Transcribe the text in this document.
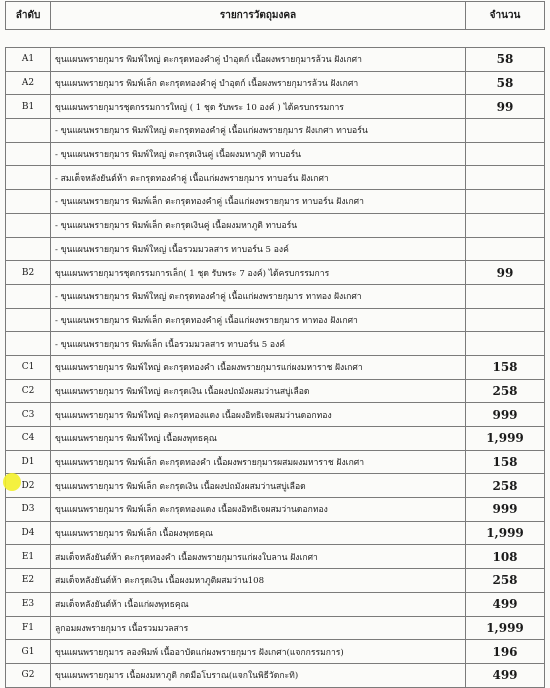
ลำดับ	รายการวัตถุมงคล	จำนวน
A1	ขุนแผนพรายกุมาร พิมพ์ใหญ่ ตะกรุดทองคำคู่ บำอุดก์ เนื้อผงพรายกุมารล้วน ฝังเกศา	58
A2	ขุนแผนพรายกุมาร พิมพ์เล็ก ตะกรุดทองคำคู่ บำอุดก์ เนื้อผงพรายกุมารล้วน ฝังเกศา	58
B1	ขุนแผนพรายกุมารชุดกรรมการใหญ่ ( 1 ชุด รับพระ 10 องค์ ) ได้ครบกรรมการ	99
	- ขุนแผนพรายกุมาร พิมพ์ใหญ่ ตะกรุดทองคำคู่ เนื้อแก่ผงพรายกุมาร ฝังเกศา ทาบอร์น	
	- ขุนแผนพรายกุมาร พิมพ์ใหญ่ ตะกรุดเงินคู่ เนื้อผงมหาภูติ ทาบอร์น	
	- สมเด็จหลังยันต์ห้า ตะกรุดทองคำคู่ เนื้อแก่ผงพรายกุมาร ทาบอร์น ฝังเกศา	
	- ขุนแผนพรายกุมาร พิมพ์เล็ก ตะกรุดทองคำคู่ เนื้อแก่ผงพรายกุมาร ทาบอร์น ฝังเกศา	
	- ขุนแผนพรายกุมาร พิมพ์เล็ก ตะกรุดเงินคู่ เนื้อผงมหาภูติ ทาบอร์น	
	- ขุนแผนพรายกุมาร พิมพ์ใหญ่ เนื้อรวมมวลสาร ทาบอร์น 5 องค์	
B2	ขุนแผนพรายกุมารชุดกรรมการเล็ก( 1 ชุด รับพระ 7 องค์) ได้ครบกรรมการ	99
	- ขุนแผนพรายกุมาร พิมพ์ใหญ่ ตะกรุดทองคำคู่ เนื้อแก่ผงพรายกุมาร ทาทอง ฝังเกศา	
	- ขุนแผนพรายกุมาร พิมพ์เล็ก ตะกรุดทองคำคู่ เนื้อแก่ผงพรายกุมาร ทาทอง ฝังเกศา	
	- ขุนแผนพรายกุมาร พิมพ์เล็ก เนื้อรวมมวลสาร ทาบอร์น 5 องค์	
C1	ขุนแผนพรายกุมาร พิมพ์ใหญ่ ตะกรุดทองคำ เนื้อผงพรายกุมารแก่ผงมหาราช ฝังเกศา	158
C2	ขุนแผนพรายกุมาร พิมพ์ใหญ่ ตะกรุดเงิน เนื้อผงปถมังผสมว่านสบู่เลือด	258
C3	ขุนแผนพรายกุมาร พิมพ์ใหญ่ ตะกรุดทองแดง เนื้อผงอิทธิเจผสมว่านดอกทอง	999
C4	ขุนแผนพรายกุมาร พิมพ์ใหญ่ เนื้อผงพุทธคุณ	1,999
D1	ขุนแผนพรายกุมาร พิมพ์เล็ก ตะกรุดทองคำ เนื้อผงพรายกุมารผสมผงมหาราช ฝังเกศา	158
D2	ขุนแผนพรายกุมาร พิมพ์เล็ก ตะกรุดเงิน เนื้อผงปถมังผสมว่านสบู่เลือด	258
D3	ขุนแผนพรายกุมาร พิมพ์เล็ก ตะกรุดทองแดง เนื้อผงอิทธิเจผสมว่านดอกทอง	999
D4	ขุนแผนพรายกุมาร พิมพ์เล็ก เนื้อผงพุทธคุณ	1,999
E1	สมเด็จหลังยันต์ห้า ตะกรุดทองคำ เนื้อผงพรายกุมารแก่ผงใบลาน ฝังเกศา	108
E2	สมเด็จหลังยันต์ห้า ตะกรุดเงิน เนื้อผงมหาภูติผสมว่าน108	258
E3	สมเด็จหลังยันต์ห้า เนื้อแก่ผงพุทธคุณ	499
F1	ลูกอมผงพรายกุมาร เนื้อรวมมวลสาร	1,999
G1	ขุนแผนพรายกุมาร ลองพิมพ์ เนื้ออาบัดแก่ผงพรายกุมาร ฝังเกศา(แจกกรรมการ)	196
G2	ขุนแผนพรายกุมาร เนื้อผงมหาภูติ กดมือโบราณ(แจกในพิธีวัดกะทิ)	499
